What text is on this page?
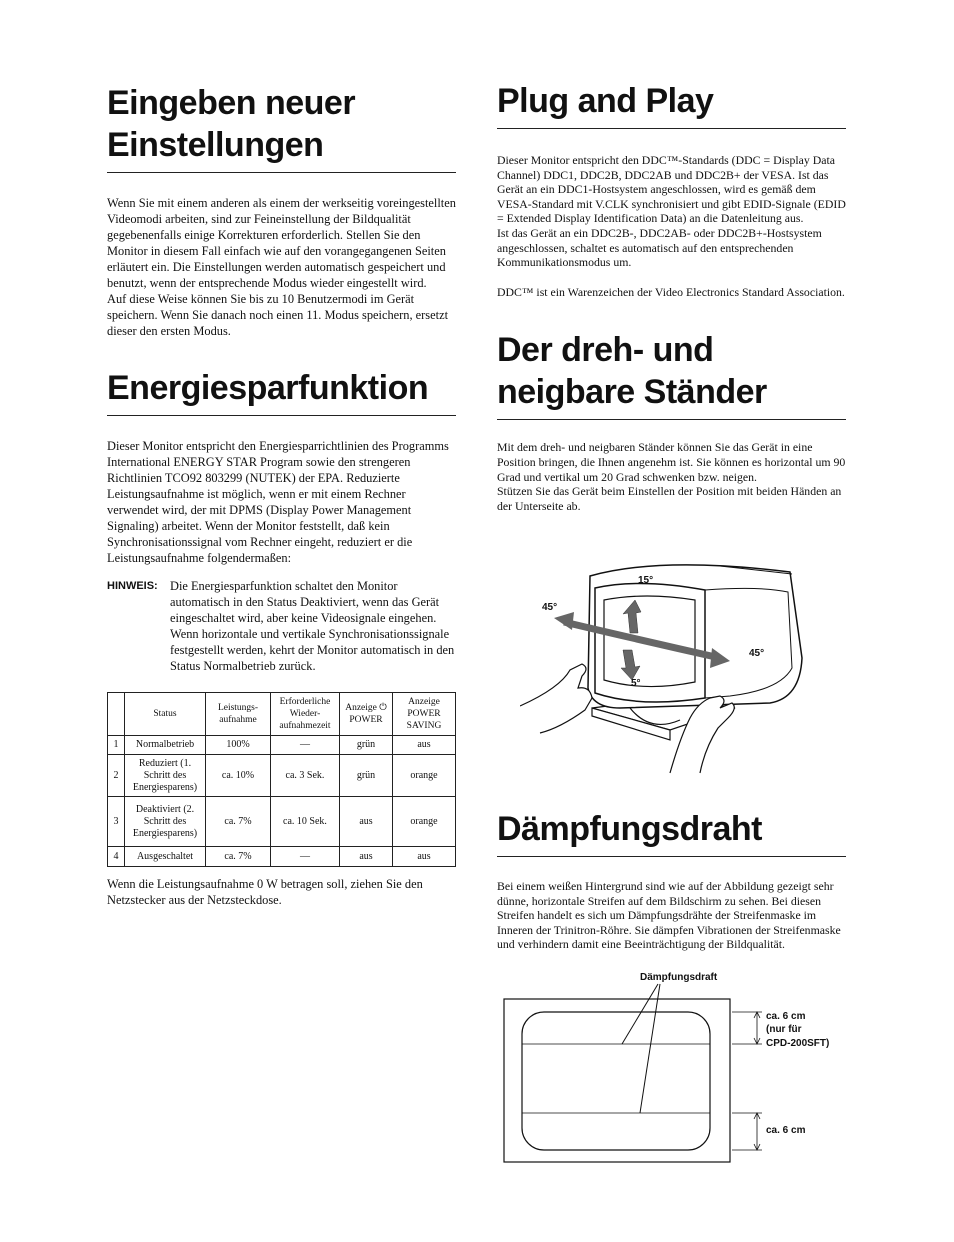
Eingeben neuer
Einstellungen

Wenn Sie mit einem anderen als einem der werkseitig voreingestellten Videomodi arbeiten, sind zur Feineinstellung der Bildqualität gegebenenfalls einige Korrekturen erforderlich. Stellen Sie den Monitor in diesem Fall einfach wie auf den vorangegangenen Seiten erläutert ein. Die Einstellungen werden automatisch gespeichert und benutzt, wenn der entsprechende Modus wieder eingestellt wird.

Auf diese Weise können Sie bis zu 10 Benutzermodi im Gerät speichern. Wenn Sie danach noch einen 11. Modus speichern, ersetzt dieser den ersten Modus.

Energiesparfunktion

Dieser Monitor entspricht den Energiesparrichtlinien des Programms International ENERGY STAR Program sowie den strengeren Richtlinien TCO92 803299 (NUTEK) der EPA. Reduzierte Leistungsaufnahme ist möglich, wenn er mit einem Rechner verwendet wird, der mit DPMS (Display Power Management Signaling) arbeitet. Wenn der Monitor feststellt, daß kein Synchronisationssignal vom Rechner eingeht, reduziert er die Leistungsaufnahme folgendermaßen:

HINWEIS: Die Energiesparfunktion schaltet den Monitor automatisch in den Status Deaktiviert, wenn das Gerät eingeschaltet wird, aber keine Videosignale eingehen. Wenn horizontale und vertikale Synchronisationssignale festgestellt werden, kehrt der Monitor automatisch in den Status Normalbetrieb zurück.
	Status	Leistungs-aufnahme	Erforderliche Wieder-aufnahmezeit	Anzeige ⏻ POWER	Anzeige POWER SAVING
1	Normalbetrieb	100%	—	grün	aus
2	Reduziert (1. Schritt des Energiesparens)	ca. 10%	ca. 3 Sek.	grün	orange
3	Deaktiviert (2. Schritt des Energiesparens)	ca. 7%	ca. 10 Sek.	aus	orange
4	Ausgeschaltet	ca. 7%	—	aus	aus

Wenn die Leistungsaufnahme 0 W betragen soll, ziehen Sie den Netzstecker aus der Netzsteckdose.

Plug and Play

Dieser Monitor entspricht den DDC™-Standards (DDC = Display Data Channel) DDC1, DDC2B, DDC2AB und DDC2B+ der VESA. Ist das Gerät an ein DDC1-Hostsystem angeschlossen, wird es gemäß dem VESA-Standard mit V.CLK synchronisiert und gibt EDID-Signale (EDID = Extended Display Identification Data) an die Datenleitung aus.

Ist das Gerät an ein DDC2B-, DDC2AB- oder DDC2B+-Hostsystem angeschlossen, schaltet es automatisch auf den entsprechenden Kommunikationsmodus um.

DDC™ ist ein Warenzeichen der Video Electronics Standard Association.

Der dreh- und
neigbare Ständer

Mit dem dreh- und neigbaren Ständer können Sie das Gerät in eine Position bringen, die Ihnen angenehm ist. Sie können es horizontal um 90 Grad und vertikal um 20 Grad schwenken bzw. neigen.

Stützen Sie das Gerät beim Einstellen der Position mit beiden Händen an der Unterseite ab.

15°
45°
45°
5°
Dämpfungsdraht

Bei einem weißen Hintergrund sind wie auf der Abbildung gezeigt sehr dünne, horizontale Streifen auf dem Bildschirm zu sehen. Bei diesen Streifen handelt es sich um Dämpfungsdrähte der Streifenmaske im Inneren der Trinitron-Röhre. Sie dämpfen Vibrationen der Streifenmaske und verhindern damit eine Beeinträchtigung der Bildqualität.

Dämpfungsdraft
ca. 6 cm
(nur für
CPD-200SFT)
ca. 6 cm
